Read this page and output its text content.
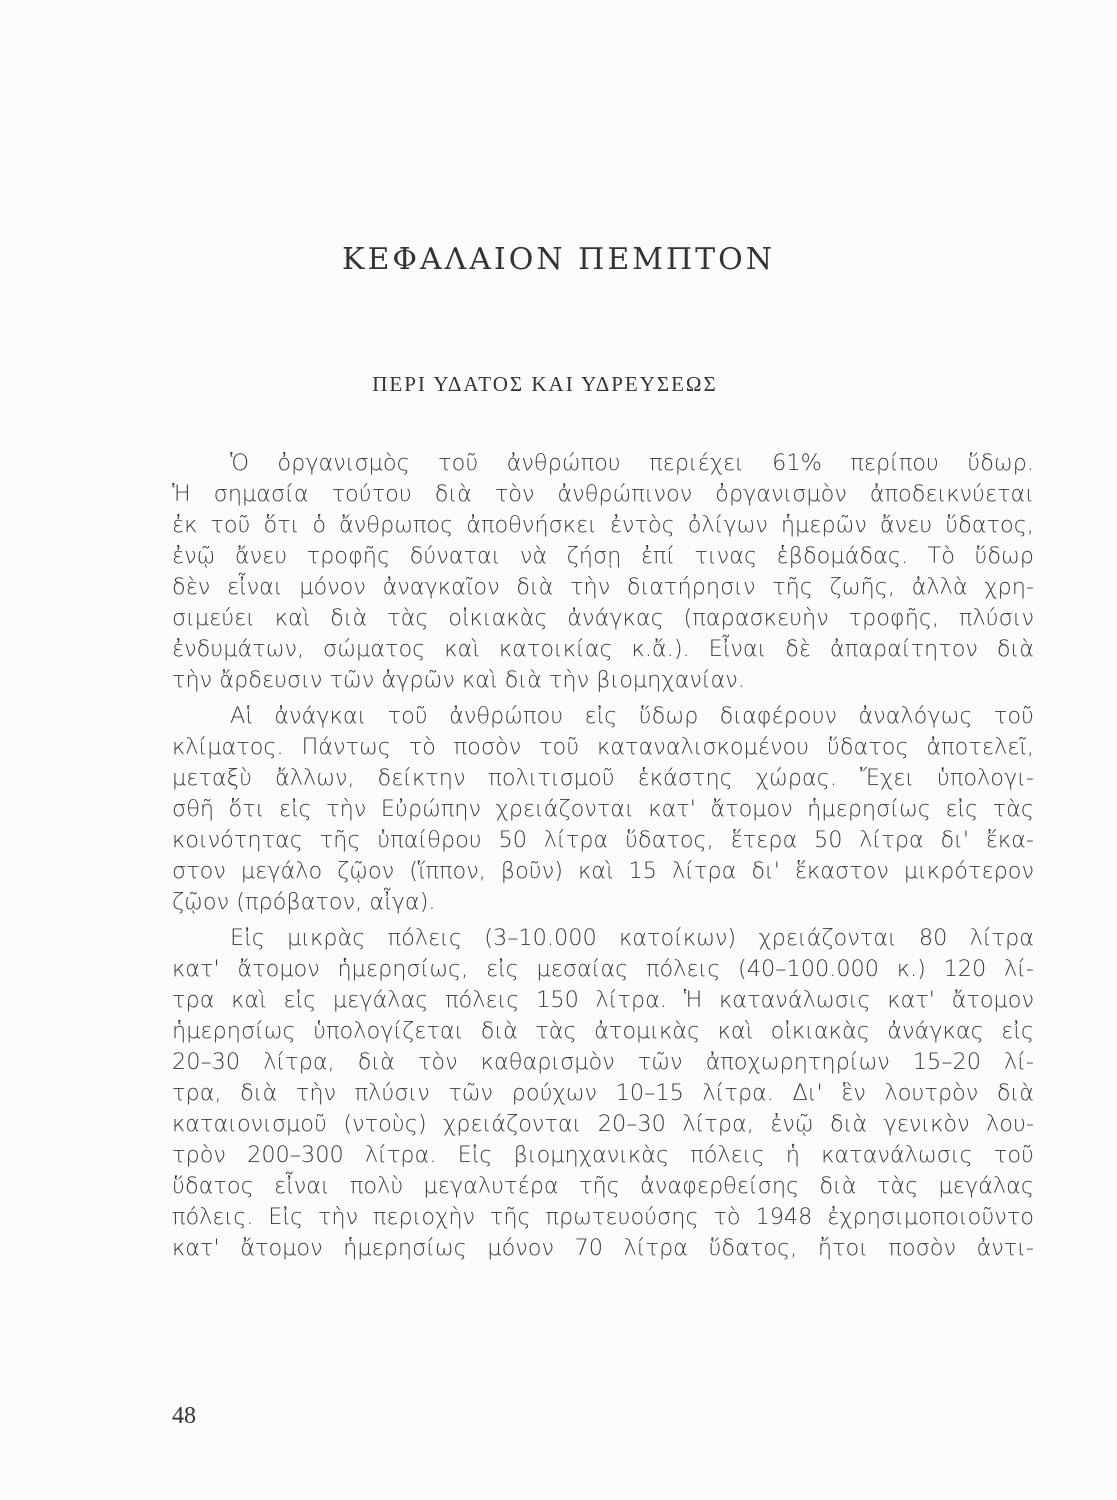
ΚΕΦΑΛΑΙΟΝ ΠΕΜΠΤΟΝ
ΠΕΡΙ ΥΔΑΤΟΣ ΚΑΙ ΥΔΡΕΥΣΕΩΣ
Ὁ ὀργανισμὸς τοῦ ἀνθρώπου περιέχει 61% περίπου ὕδωρ.
Ἡ σημασία τούτου διὰ τὸν ἀνθρώπινον ὀργανισμὸν ἀποδεικνύεται
ἐκ τοῦ ὅτι ὁ ἄνθρωπος ἀποθνήσκει ἐντὸς ὀλίγων ἡμερῶν ἄνευ ὕδατος,
ἐνῷ ἄνευ τροφῆς δύναται νὰ ζήσῃ ἐπί τινας ἑβδομάδας. Τὸ ὕδωρ
δὲν εἶναι μόνον ἀναγκαῖον διὰ τὴν διατήρησιν τῆς ζωῆς, ἀλλὰ χρη-
σιμεύει καὶ διὰ τὰς οἰκιακὰς ἀνάγκας (παρασκευὴν τροφῆς, πλύσιν
ἐνδυμάτων, σώματος καὶ κατοικίας κ.ἄ.). Εἶναι δὲ ἀπαραίτητον διὰ
τὴν ἄρδευσιν τῶν ἀγρῶν καὶ διὰ τὴν βιομηχανίαν.
Αἱ ἀνάγκαι τοῦ ἀνθρώπου εἰς ὕδωρ διαφέρουν ἀναλόγως τοῦ
κλίματος. Πάντως τὸ ποσὸν τοῦ καταναλισκομένου ὕδατος ἀποτελεῖ,
μεταξὺ ἄλλων, δείκτην πολιτισμοῦ ἑκάστης χώρας. Ἔχει ὑπολογι-
σθῆ ὅτι εἰς τὴν Εὐρώπην χρειάζονται κατ' ἄτομον ἡμερησίως εἰς τὰς
κοινότητας τῆς ὑπαίθρου 50 λίτρα ὕδατος, ἕτερα 50 λίτρα δι' ἕκα-
στον μεγάλο ζῷον (ἵππον, βοῦν) καὶ 15 λίτρα δι' ἕκαστον μικρότερον
ζῷον (πρόβατον, αἶγα).
Εἰς μικρὰς πόλεις (3–10.000 κατοίκων) χρειάζονται 80 λίτρα
κατ' ἄτομον ἡμερησίως, εἰς μεσαίας πόλεις (40–100.000 κ.) 120 λί-
τρα καὶ εἰς μεγάλας πόλεις 150 λίτρα. Ἡ κατανάλωσις κατ' ἄτομον
ἡμερησίως ὑπολογίζεται διὰ τὰς ἀτομικὰς καὶ οἰκιακὰς ἀνάγκας εἰς
20–30 λίτρα, διὰ τὸν καθαρισμὸν τῶν ἀποχωρητηρίων 15–20 λί-
τρα, διὰ τὴν πλύσιν τῶν ρούχων 10–15 λίτρα. Δι' ἓν λουτρὸν διὰ
καταιονισμοῦ (ντοὺς) χρειάζονται 20–30 λίτρα, ἐνῷ διὰ γενικὸν λου-
τρὸν 200–300 λίτρα. Εἰς βιομηχανικὰς πόλεις ἡ κατανάλωσις τοῦ
ὕδατος εἶναι πολὺ μεγαλυτέρα τῆς ἀναφερθείσης διὰ τὰς μεγάλας
πόλεις. Εἰς τὴν περιοχὴν τῆς πρωτευούσης τὸ 1948 ἐχρησιμοποιοῦντο
κατ' ἄτομον ἡμερησίως μόνον 70 λίτρα ὕδατος, ἤτοι ποσὸν ἀντι-
48
